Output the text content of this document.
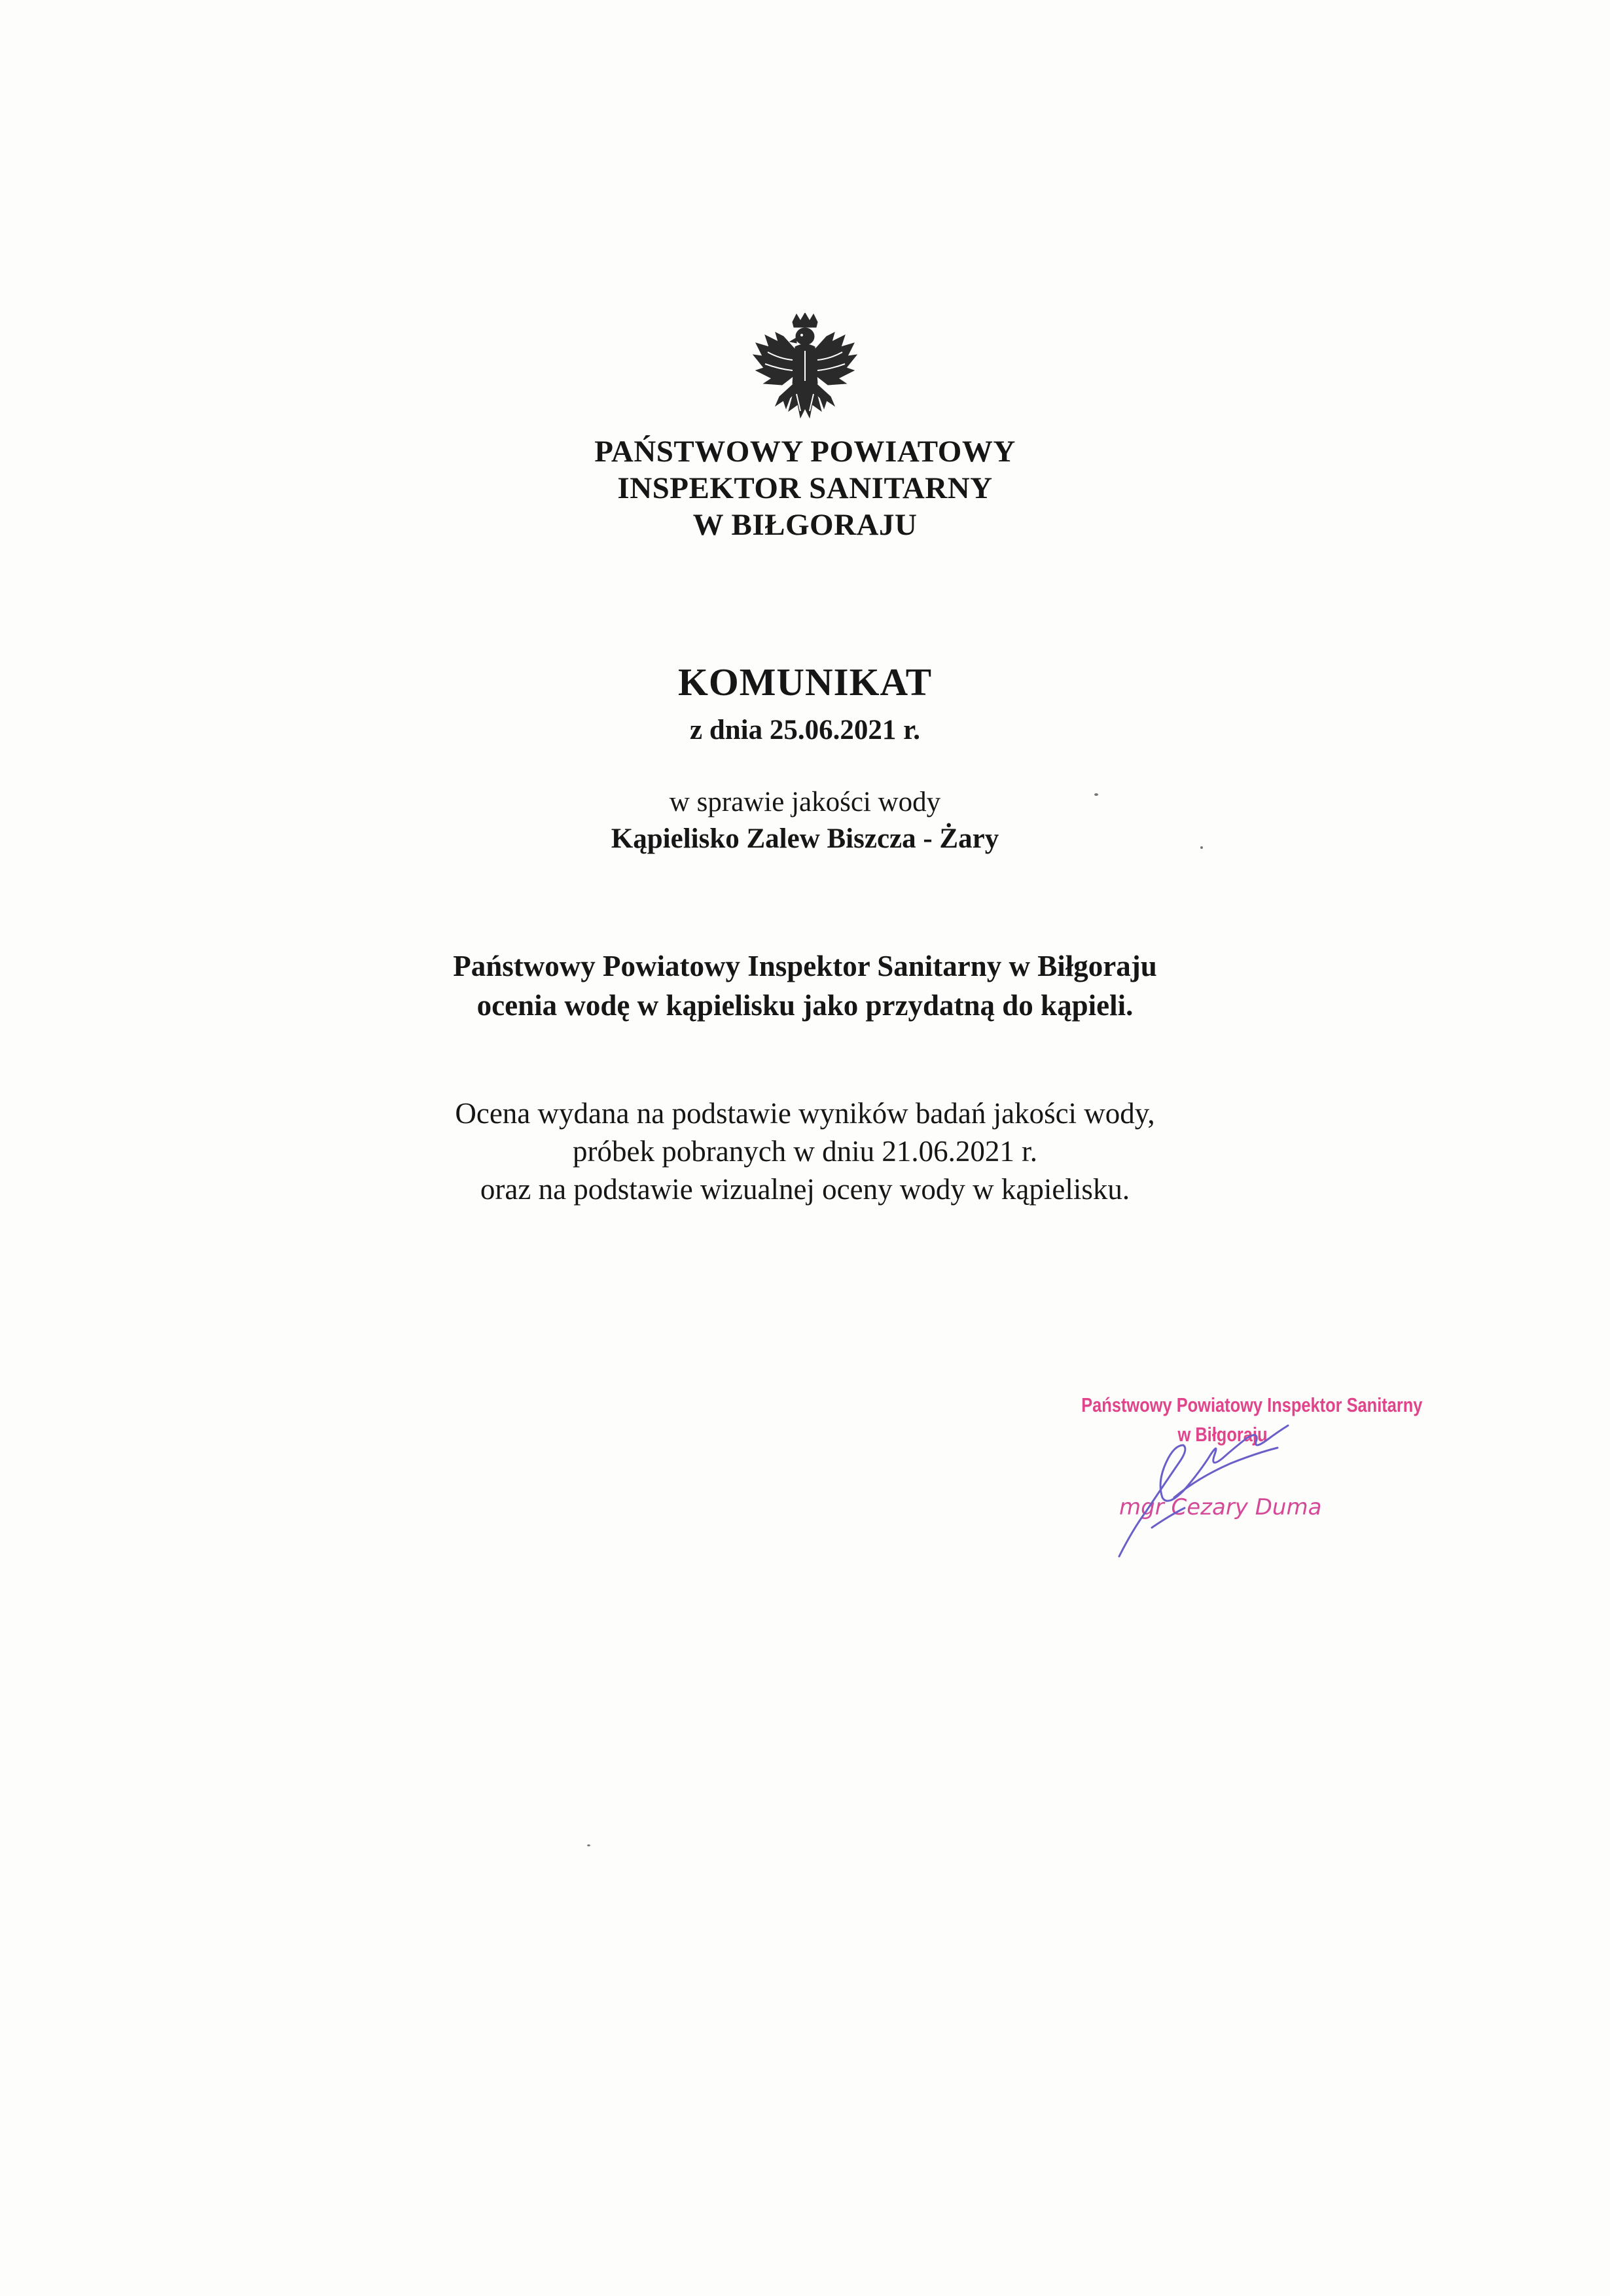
PAŃSTWOWY POWIATOWY
INSPEKTOR SANITARNY
W BIŁGORAJU
KOMUNIKAT
z dnia 25.06.2021 r.
w sprawie jakości wody
Kąpielisko Zalew Biszcza - Żary
Państwowy Powiatowy Inspektor Sanitarny w Biłgoraju
ocenia wodę w kąpielisku jako przydatną do kąpieli.
Ocena wydana na podstawie wyników badań jakości wody,
próbek pobranych w dniu 21.06.2021 r.
oraz na podstawie wizualnej oceny wody w kąpielisku.
Państwowy Powiatowy Inspektor Sanitarny
w Biłgoraju
mgr Cezary Duma
